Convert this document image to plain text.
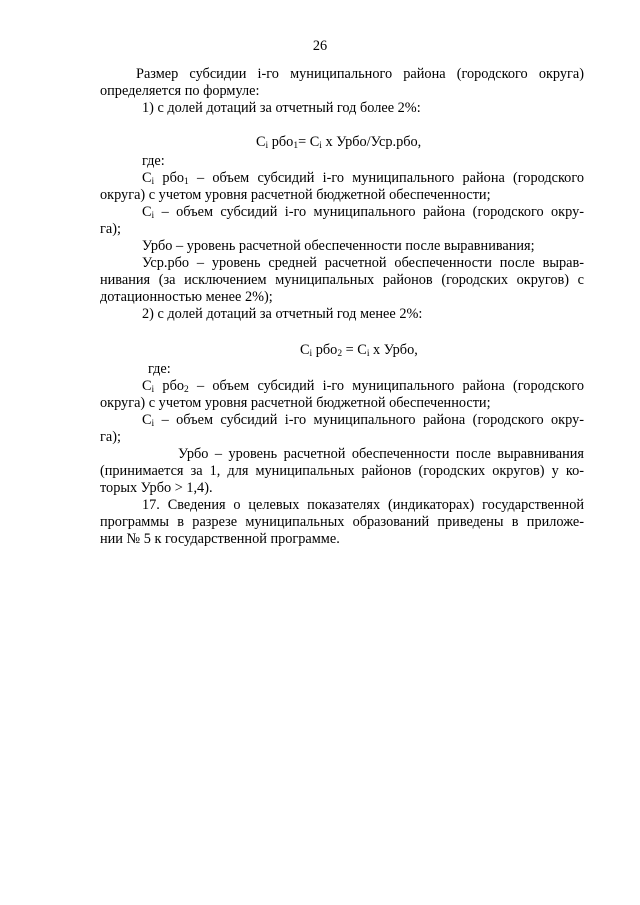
26
Размер субсидии i-го муниципального района (городского округа)
определяется по формуле:
1) с долей дотаций за отчетный год более 2%:
$C_i$ $рбо_1= C_i$ x Урбо/Уср.рбо,
где:
$C_i$ рбо$_1$ – объем субсидий i-го муниципального района (городского
округа) с учетом уровня расчетной бюджетной обеспеченности;
$C_i$ – объем субсидий i-го муниципального района (городского окру-
га);
Урбо – уровень расчетной обеспеченности после выравнивания;
Уср.рбо – уровень средней расчетной обеспеченности после вырав-
нивания (за исключением муниципальных районов (городских округов) с
дотационностью менее 2%);
2) с долей дотаций за отчетный год менее 2%:
$C_i$ $рбо_2 = C_i$ x Урбо,
где:
$C_i$ рбо$_2$ – объем субсидий i-го муниципального района (городского
округа) с учетом уровня расчетной бюджетной обеспеченности;
$C_i$ – объем субсидий i-го муниципального района (городского окру-
га);
Урбо – уровень расчетной обеспеченности после выравнивания
(принимается за 1, для муниципальных районов (городских округов) у ко-
торых Урбо > 1,4).
17. Сведения о целевых показателях (индикаторах) государственной
программы в разрезе муниципальных образований приведены в приложе-
нии № 5 к государственной программе.
